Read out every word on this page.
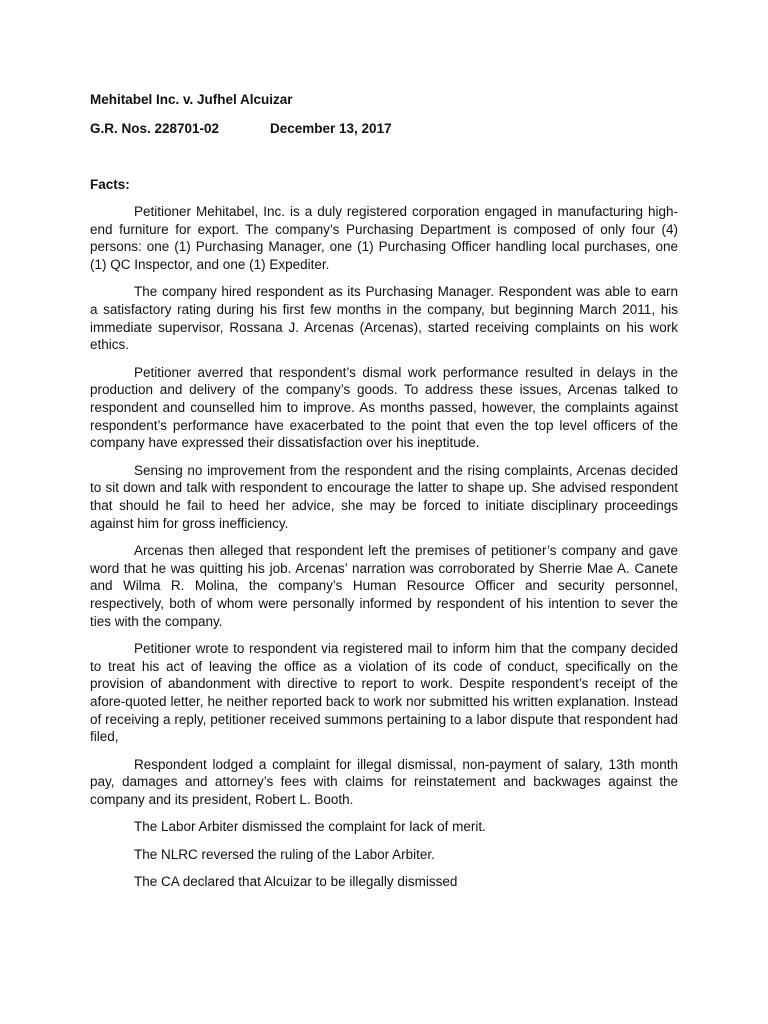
Mehitabel Inc. v. Jufhel Alcuizar

G.R. Nos. 228701-02	December 13, 2017

Facts:

Petitioner Mehitabel, Inc. is a duly registered corporation engaged in manufacturing high-end furniture for export. The company’s Purchasing Department is composed of only four (4) persons: one (1) Purchasing Manager, one (1) Purchasing Officer handling local purchases, one (1) QC Inspector, and one (1) Expediter.

The company hired respondent as its Purchasing Manager. Respondent was able to earn a satisfactory rating during his first few months in the company, but beginning March 2011, his immediate supervisor, Rossana J. Arcenas (Arcenas), started receiving complaints on his work ethics.

Petitioner averred that respondent’s dismal work performance resulted in delays in the production and delivery of the company’s goods. To address these issues, Arcenas talked to respondent and counselled him to improve. As months passed, however, the complaints against respondent’s performance have exacerbated to the point that even the top level officers of the company have expressed their dissatisfaction over his ineptitude.

Sensing no improvement from the respondent and the rising complaints, Arcenas decided to sit down and talk with respondent to encourage the latter to shape up. She advised respondent that should he fail to heed her advice, she may be forced to initiate disciplinary proceedings against him for gross inefficiency.

Arcenas then alleged that respondent left the premises of petitioner’s company and gave word that he was quitting his job. Arcenas’ narration was corroborated by Sherrie Mae A. Canete and Wilma R. Molina, the company’s Human Resource Officer and security personnel, respectively, both of whom were personally informed by respondent of his intention to sever the ties with the company.

Petitioner wrote to respondent via registered mail to inform him that the company decided to treat his act of leaving the office as a violation of its code of conduct, specifically on the provision of abandonment with directive to report to work. Despite respondent’s receipt of the afore-quoted letter, he neither reported back to work nor submitted his written explanation. Instead of receiving a reply, petitioner received summons pertaining to a labor dispute that respondent had filed,

Respondent lodged a complaint for illegal dismissal, non-payment of salary, 13th month pay, damages and attorney’s fees with claims for reinstatement and backwages against the company and its president, Robert L. Booth.

The Labor Arbiter dismissed the complaint for lack of merit.

The NLRC reversed the ruling of the Labor Arbiter.

The CA declared that Alcuizar to be illegally dismissed
